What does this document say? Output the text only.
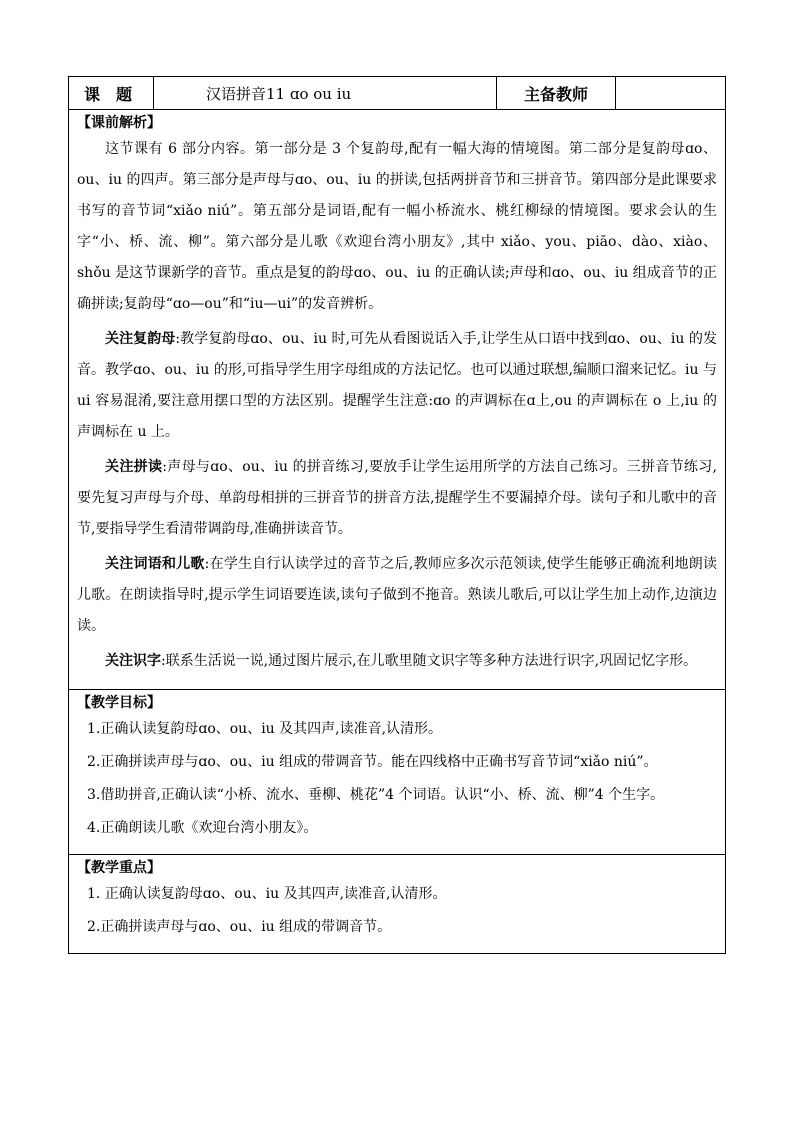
课题	汉语拼音11 ɑo ou iu	主备教师	

【课前解析】

这节课有 6 部分内容。第一部分是 3 个复韵母,配有一幅大海的情境图。第二部分是复韵母ɑo、ou、iu 的四声。第三部分是声母与ɑo、ou、iu 的拼读,包括两拼音节和三拼音节。第四部分是此课要求书写的音节词“xiǎo niú”。第五部分是词语,配有一幅小桥流水、桃红柳绿的情境图。要求会认的生字“小、桥、流、柳”。第六部分是儿歌《欢迎台湾小朋友》,其中 xiǎo、you、piāo、dào、xiào、shǒu 是这节课新学的音节。重点是复的韵母ɑo、ou、iu 的正确认读;声母和ɑo、ou、iu 组成音节的正确拼读;复韵母“ɑo—ou”和“iu—ui”的发音辨析。

关注复韵母:教学复韵母ɑo、ou、iu 时,可先从看图说话入手,让学生从口语中找到ɑo、ou、iu 的发音。教学ɑo、ou、iu 的形,可指导学生用字母组成的方法记忆。也可以通过联想,编顺口溜来记忆。iu 与 ui 容易混淆,要注意用摆口型的方法区别。提醒学生注意:ɑo 的声调标在ɑ上,ou 的声调标在 o 上,iu 的声调标在 u 上。

关注拼读:声母与ɑo、ou、iu 的拼音练习,要放手让学生运用所学的方法自己练习。三拼音节练习,要先复习声母与介母、单韵母相拼的三拼音节的拼音方法,提醒学生不要漏掉介母。读句子和儿歌中的音节,要指导学生看清带调韵母,准确拼读音节。

关注词语和儿歌:在学生自行认读学过的音节之后,教师应多次示范领读,使学生能够正确流利地朗读儿歌。在朗读指导时,提示学生词语要连读,读句子做到不拖音。熟读儿歌后,可以让学生加上动作,边演边读。

关注识字:联系生活说一说,通过图片展示,在儿歌里随文识字等多种方法进行识字,巩固记忆字形。

【教学目标】

1.正确认读复韵母ɑo、ou、iu 及其四声,读准音,认清形。

2.正确拼读声母与ɑo、ou、iu 组成的带调音节。能在四线格中正确书写音节词“xiǎo niú”。

3.借助拼音,正确认读“小桥、流水、垂柳、桃花”4 个词语。认识“小、桥、流、柳”4 个生字。

4.正确朗读儿歌《欢迎台湾小朋友》。

【教学重点】

1. 正确认读复韵母ɑo、ou、iu 及其四声,读准音,认清形。

2.正确拼读声母与ɑo、ou、iu 组成的带调音节。
